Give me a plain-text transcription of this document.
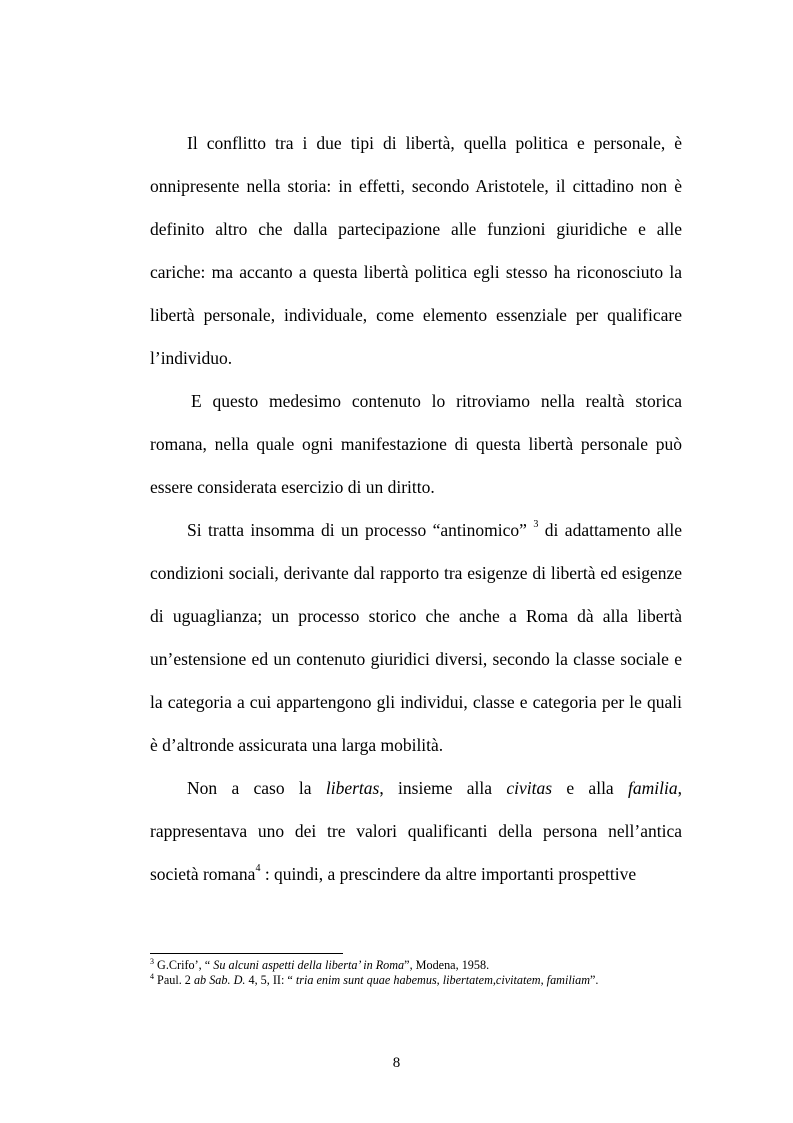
Il conflitto tra i due tipi di libertà, quella politica e personale, è onnipresente nella storia: in effetti, secondo Aristotele, il cittadino non è definito altro che dalla partecipazione alle funzioni giuridiche e alle cariche: ma accanto a questa libertà politica egli stesso ha riconosciuto la libertà personale, individuale, come elemento essenziale per qualificare l’individuo.

E questo medesimo contenuto lo ritroviamo nella realtà storica romana, nella quale ogni manifestazione di questa libertà personale può essere considerata esercizio di un diritto.

Si tratta insomma di un processo “antinomico” $^3$ di adattamento alle condizioni sociali, derivante dal rapporto tra esigenze di libertà ed esigenze di uguaglianza; un processo storico che anche a Roma dà alla libertà un’estensione ed un contenuto giuridici diversi, secondo la classe sociale e la categoria a cui appartengono gli individui, classe e categoria per le quali è d’altronde assicurata una larga mobilità.

Non a caso la libertas, insieme alla civitas e alla familia, rappresentava uno dei tre valori qualificanti della persona nell’antica società romana$^4$ : quindi, a prescindere da altre importanti prospettive

$^3$ G.Crifo’, “ Su alcuni aspetti della liberta’ in Roma”, Modena, 1958.

$^4$ Paul. 2 ab Sab. D. 4, 5, II: “ tria enim sunt quae habemus, libertatem,civitatem, familiam”.

8
